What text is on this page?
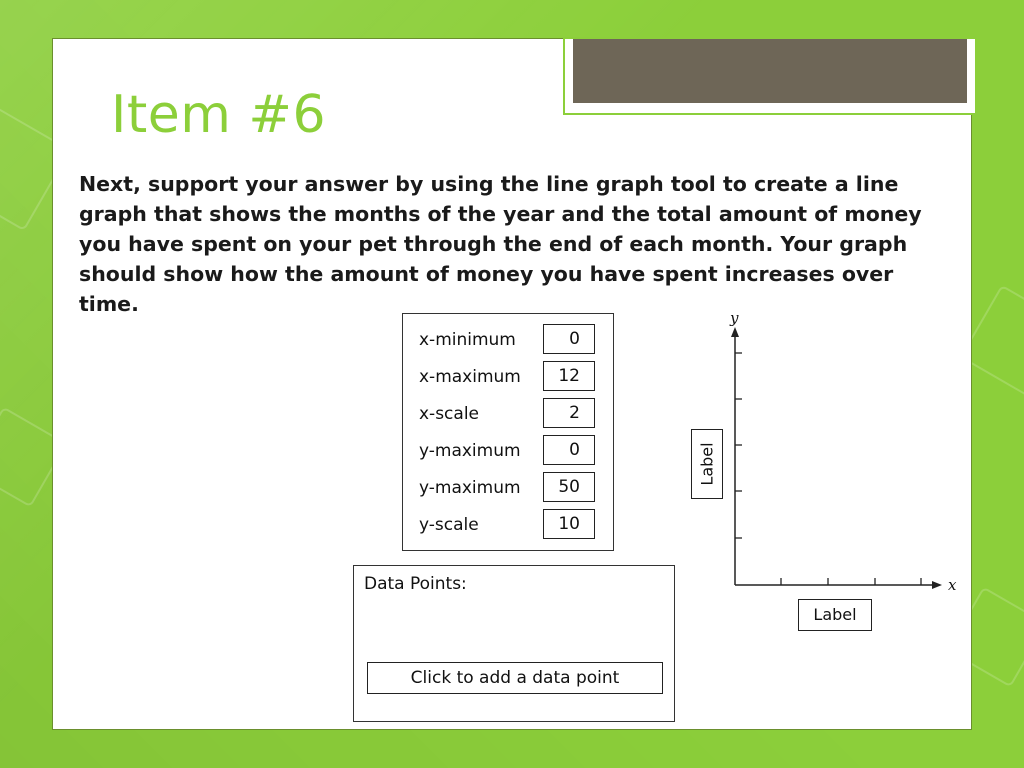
Item #6

Next, support your answer by using the line graph tool to create a line graph that shows the months of the year and the total amount of money you have spent on your pet through the end of each month. Your graph should show how the amount of money you have spent increases over time.

x-minimum	0
x-maximum	12
x-scale	2
y-maximum	0
y-maximum	50
y-scale	10
Data Points:
Click to add a data point
y
x
Label
Label
